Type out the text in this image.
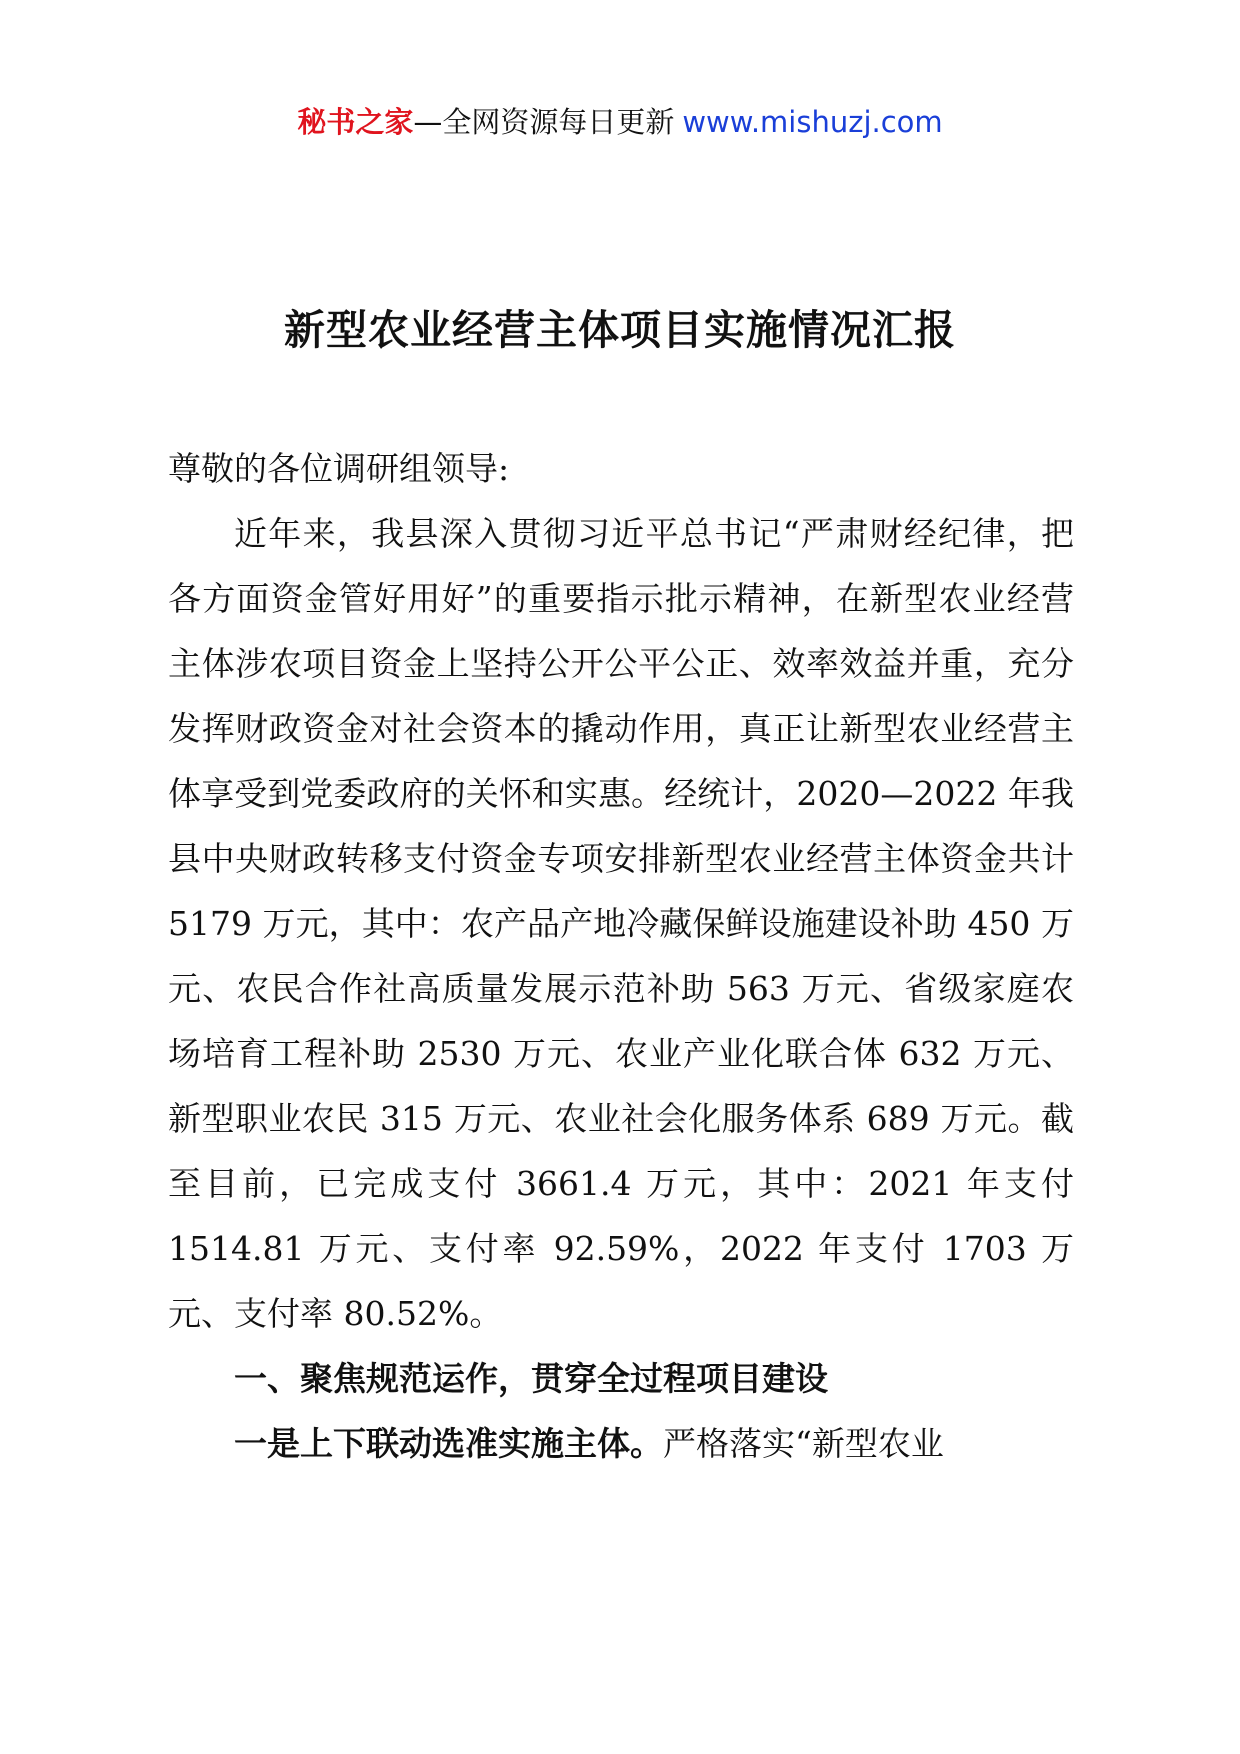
秘书之家—全网资源每日更新 www.mishuzj.com
新型农业经营主体项目实施情况汇报

尊敬的各位调研组领导:

近年来，我县深入贯彻习近平总书记“严肃财经纪律，把各方面资金管好用好”的重要指示批示精神，在新型农业经营主体涉农项目资金上坚持公开公平公正、效率效益并重，充分发挥财政资金对社会资本的撬动作用，真正让新型农业经营主体享受到党委政府的关怀和实惠。经统计，2020—2022 年我县中央财政转移支付资金专项安排新型农业经营主体资金共计 5179 万元，其中：农产品产地冷藏保鲜设施建设补助 450 万元、农民合作社高质量发展示范补助 563 万元、省级家庭农场培育工程补助 2530 万元、农业产业化联合体 632 万元、新型职业农民 315 万元、农业社会化服务体系 689 万元。截至目前，已完成支付 3661.4 万元，其中：2021 年支付 1514.81 万元、支付率 92.59%，2022 年支付 1703 万元、支付率 80.52%。

一、聚焦规范运作，贯穿全过程项目建设

一是上下联动选准实施主体。严格落实“新型农业
